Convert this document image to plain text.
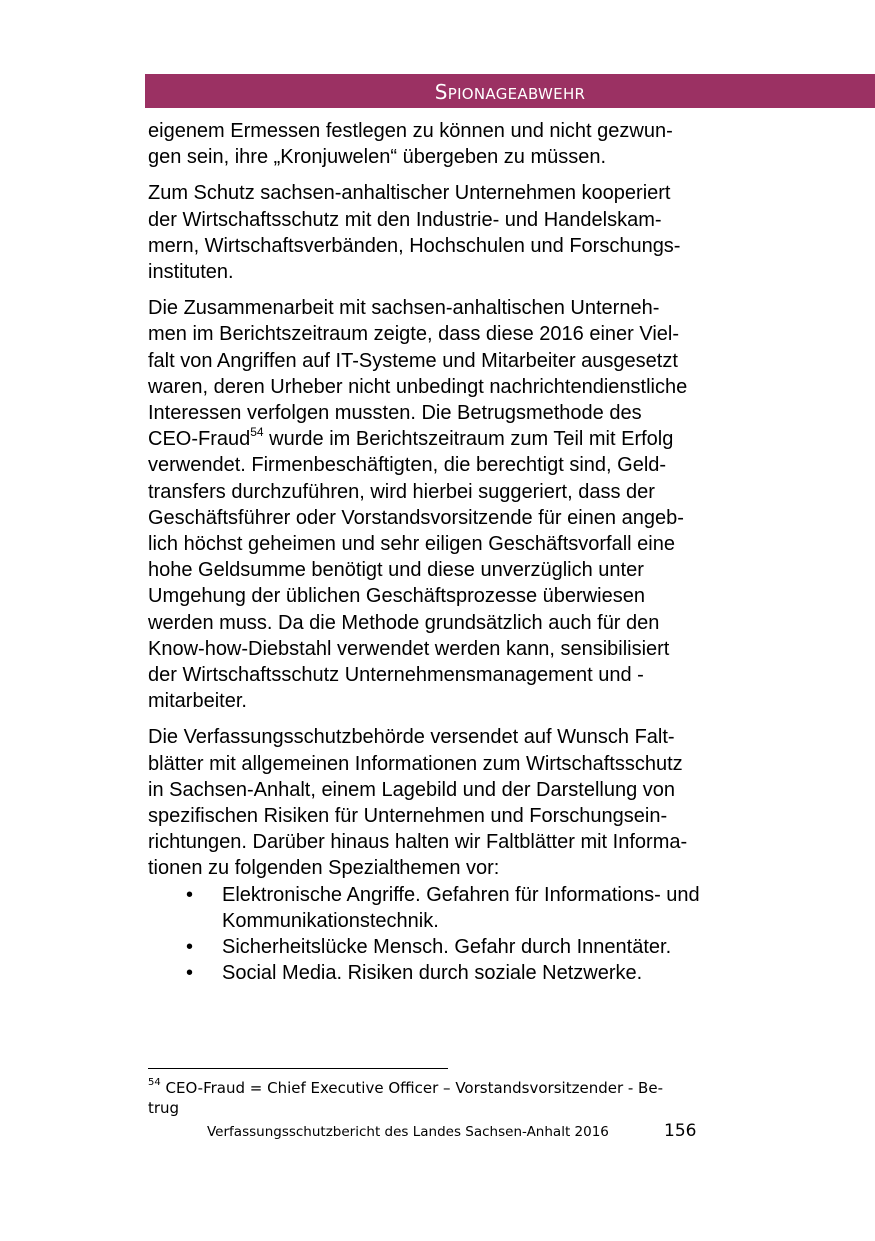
SPIONAGEABWEHR

eigenem Ermessen festlegen zu können und nicht gezwun-
gen sein, ihre „Kronjuwelen“ übergeben zu müssen.

Zum Schutz sachsen-anhaltischer Unternehmen kooperiert
der Wirtschaftsschutz mit den Industrie- und Handelskam-
mern, Wirtschaftsverbänden, Hochschulen und Forschungs-
instituten.

Die Zusammenarbeit mit sachsen-anhaltischen Unterneh-
men im Berichtszeitraum zeigte, dass diese 2016 einer Viel-
falt von Angriffen auf IT-Systeme und Mitarbeiter ausgesetzt
waren, deren Urheber nicht unbedingt nachrichtendienstliche
Interessen verfolgen mussten. Die Betrugsmethode des
CEO-Fraud$^{54}$ wurde im Berichtszeitraum zum Teil mit Erfolg
verwendet. Firmenbeschäftigten, die berechtigt sind, Geld-
transfers durchzuführen, wird hierbei suggeriert, dass der
Geschäftsführer oder Vorstandsvorsitzende für einen angeb-
lich höchst geheimen und sehr eiligen Geschäftsvorfall eine
hohe Geldsumme benötigt und diese unverzüglich unter
Umgehung der üblichen Geschäftsprozesse überwiesen
werden muss. Da die Methode grundsätzlich auch für den
Know-how-Diebstahl verwendet werden kann, sensibilisiert
der Wirtschaftsschutz Unternehmensmanagement und -
mitarbeiter.

Die Verfassungsschutzbehörde versendet auf Wunsch Falt-
blätter mit allgemeinen Informationen zum Wirtschaftsschutz
in Sachsen-Anhalt, einem Lagebild und der Darstellung von
spezifischen Risiken für Unternehmen und Forschungsein-
richtungen. Darüber hinaus halten wir Faltblätter mit Informa-
tionen zu folgenden Spezialthemen vor:

• Elektronische Angriffe. Gefahren für Informations- und
Kommunikationstechnik.
• Sicherheitslücke Mensch. Gefahr durch Innentäter.
• Social Media. Risiken durch soziale Netzwerke.
$^{54}$ CEO-Fraud = Chief Executive Officer – Vorstandsvorsitzender - Be-
trug
Verfassungsschutzbericht des Landes Sachsen-Anhalt 2016	156
